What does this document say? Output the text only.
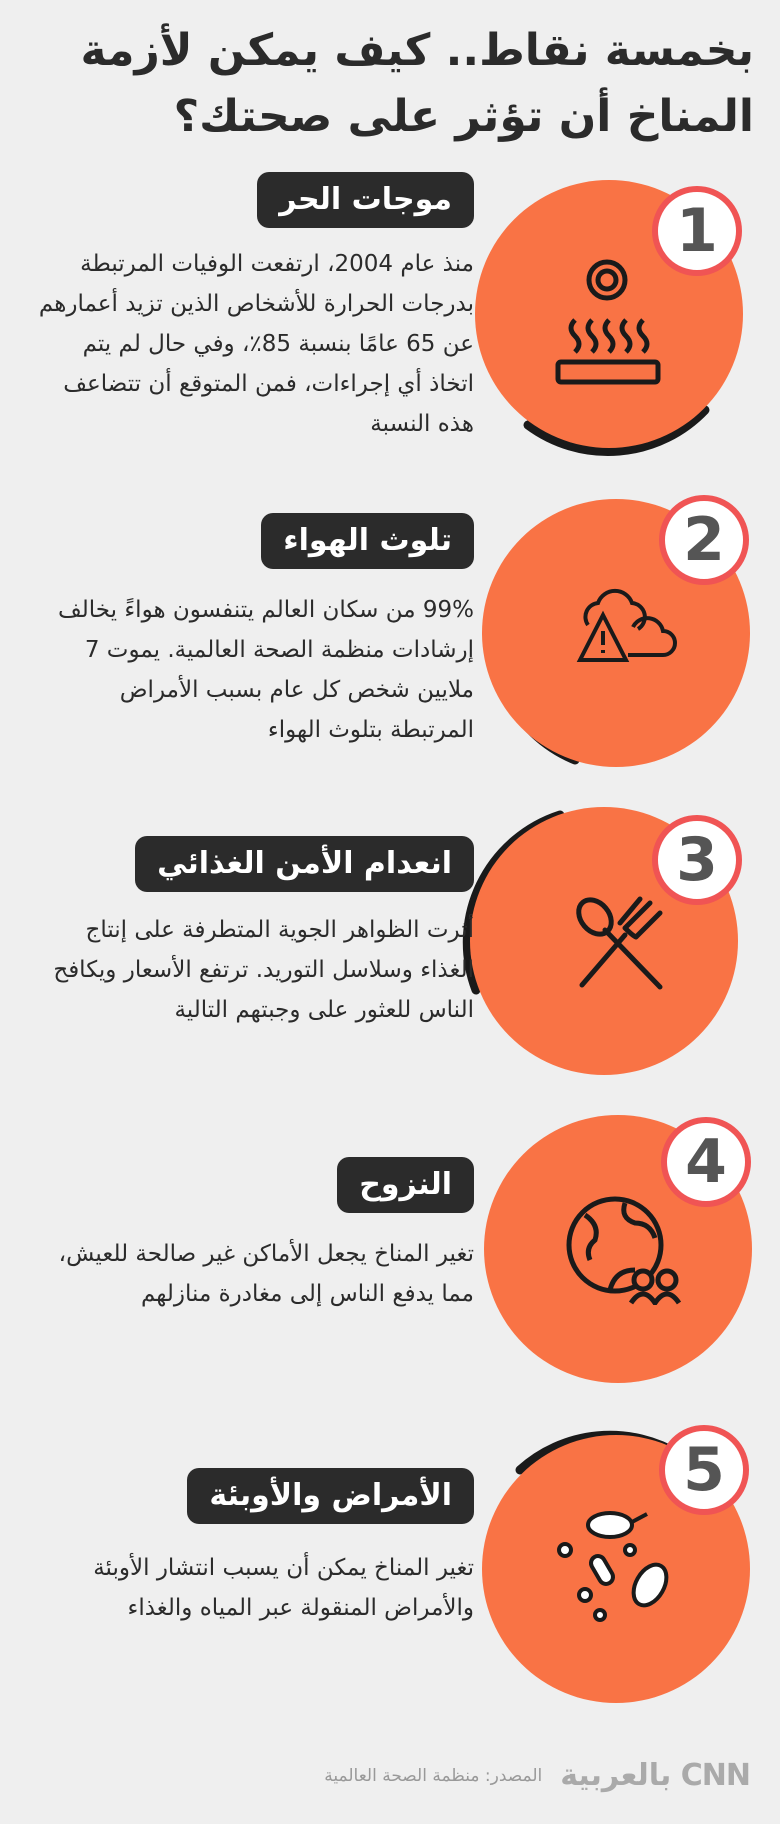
بخمسة نقاط.. كيف يمكن لأزمة
المناخ أن تؤثر على صحتك؟
1
موجات الحر
منذ عام 2004، ارتفعت الوفيات المرتبطة بدرجات الحرارة للأشخاص الذين تزيد أعمارهم عن 65 عامًا بنسبة 85٪، وفي حال لم يتم اتخاذ أي إجراءات، فمن المتوقع أن تتضاعف هذه النسبة
2
تلوث الهواء
99% من سكان العالم يتنفسون هواءً يخالف إرشادات منظمة الصحة العالمية. يموت 7 ملايين شخص كل عام بسبب الأمراض المرتبطة بتلوث الهواء
3
انعدام الأمن الغذائي
أثرت الظواهر الجوية المتطرفة على إنتاج الغذاء وسلاسل التوريد. ترتفع الأسعار ويكافح الناس للعثور على وجبتهم التالية
4
النزوح
تغير المناخ يجعل الأماكن غير صالحة للعيش، مما يدفع الناس إلى مغادرة منازلهم
5
الأمراض والأوبئة
تغير المناخ يمكن أن يسبب انتشار الأوبئة والأمراض المنقولة عبر المياه والغذاء
CNN بالعربية
المصدر: منظمة الصحة العالمية
